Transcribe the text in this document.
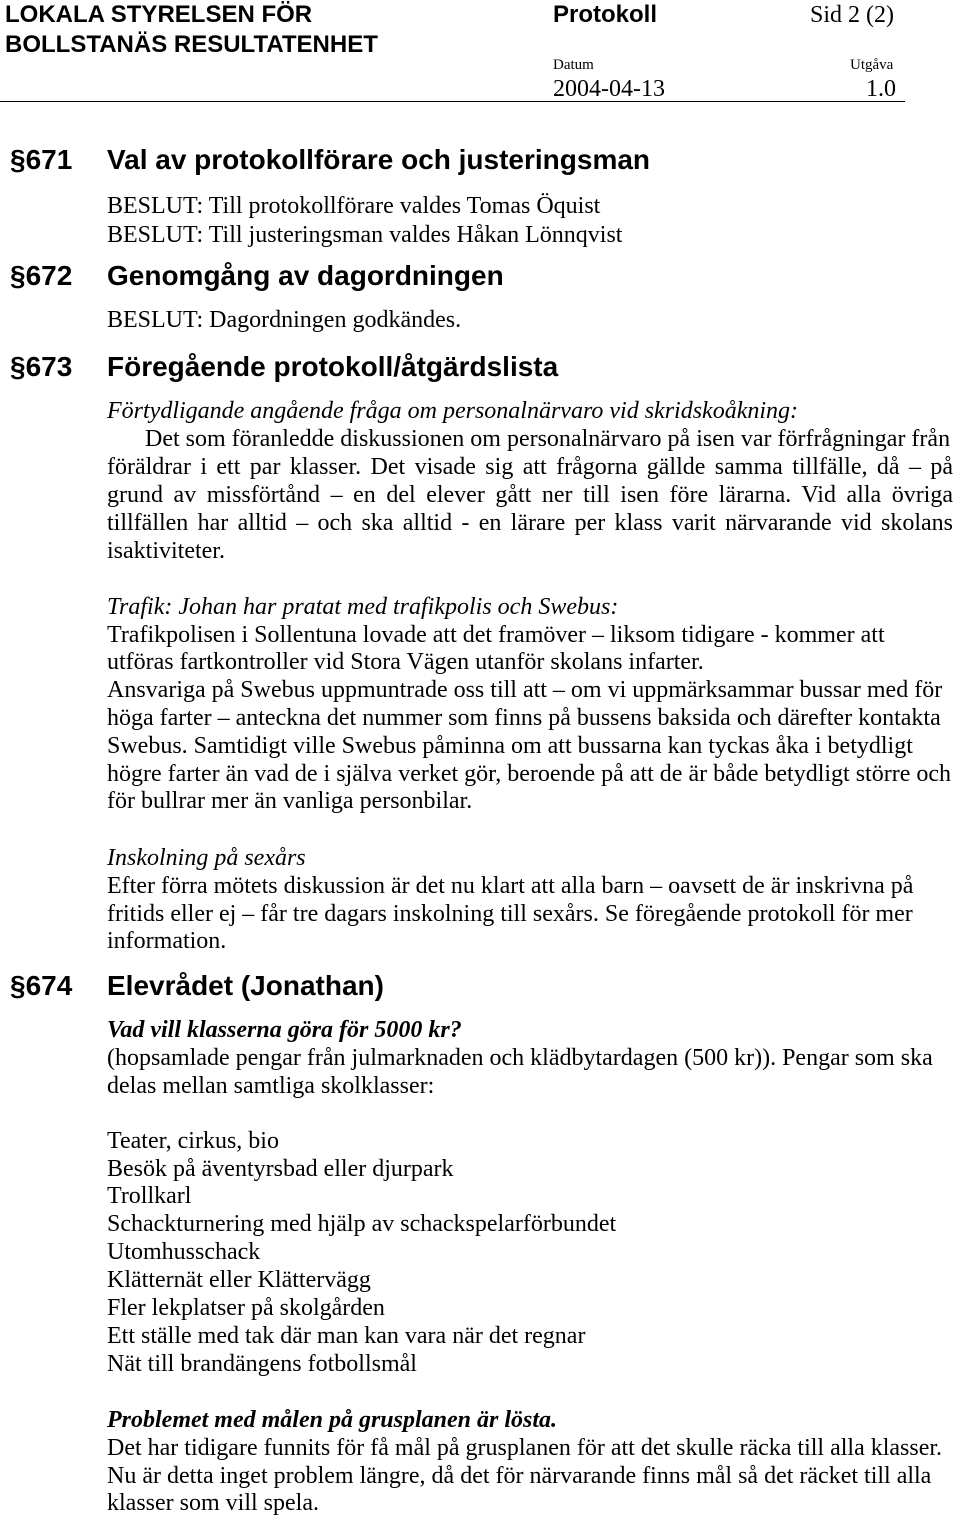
LOKALA STYRELSEN FÖR
BOLLSTANÄS RESULTATENHET
Protokoll	Sid 2 (2)
Datum	Utgåva
2004-04-13	1.0
§671 Val av protokollförare och justeringsman
BESLUT: Till protokollförare valdes Tomas Öquist
BESLUT: Till justeringsman valdes Håkan Lönnqvist
§672 Genomgång av dagordningen
BESLUT: Dagordningen godkändes.
§673 Föregående protokoll/åtgärdslista
Förtydligande angående fråga om personalnärvaro vid skridskoåkning:
Det som föranledde diskussionen om personalnärvaro på isen var förfrågningar från
föräldrar i ett par klasser. Det visade sig att frågorna gällde samma tillfälle, då – på
grund av missförtånd – en del elever gått ner till isen före lärarna. Vid alla övriga
tillfällen har alltid – och ska alltid - en lärare per klass varit närvarande vid skolans
isaktiviteter.
Trafik: Johan har pratat med trafikpolis och Swebus:
Trafikpolisen i Sollentuna lovade att det framöver – liksom tidigare - kommer att
utföras fartkontroller vid Stora Vägen utanför skolans infarter.
Ansvariga på Swebus uppmuntrade oss till att – om vi uppmärksammar bussar med för
höga farter – anteckna det nummer som finns på bussens baksida och därefter kontakta
Swebus. Samtidigt ville Swebus påminna om att bussarna kan tyckas åka i betydligt
högre farter än vad de i själva verket gör, beroende på att de är både betydligt större och
för bullrar mer än vanliga personbilar.
Inskolning på sexårs
Efter förra mötets diskussion är det nu klart att alla barn – oavsett de är inskrivna på
fritids eller ej – får tre dagars inskolning till sexårs. Se föregående protokoll för mer
information.
§674 Elevrådet (Jonathan)
Vad vill klasserna göra för 5000 kr?
(hopsamlade pengar från julmarknaden och klädbytardagen (500 kr)). Pengar som ska
delas mellan samtliga skolklasser:
Teater, cirkus, bio
Besök på äventyrsbad eller djurpark
Trollkarl
Schackturnering med hjälp av schackspelarförbundet
Utomhusschack
Klätternät eller Klättervägg
Fler lekplatser på skolgården
Ett ställe med tak där man kan vara när det regnar
Nät till brandängens fotbollsmål
Problemet med målen på grusplanen är lösta.
Det har tidigare funnits för få mål på grusplanen för att det skulle räcka till alla klasser.
Nu är detta inget problem längre, då det för närvarande finns mål så det räcket till alla
klasser som vill spela.
